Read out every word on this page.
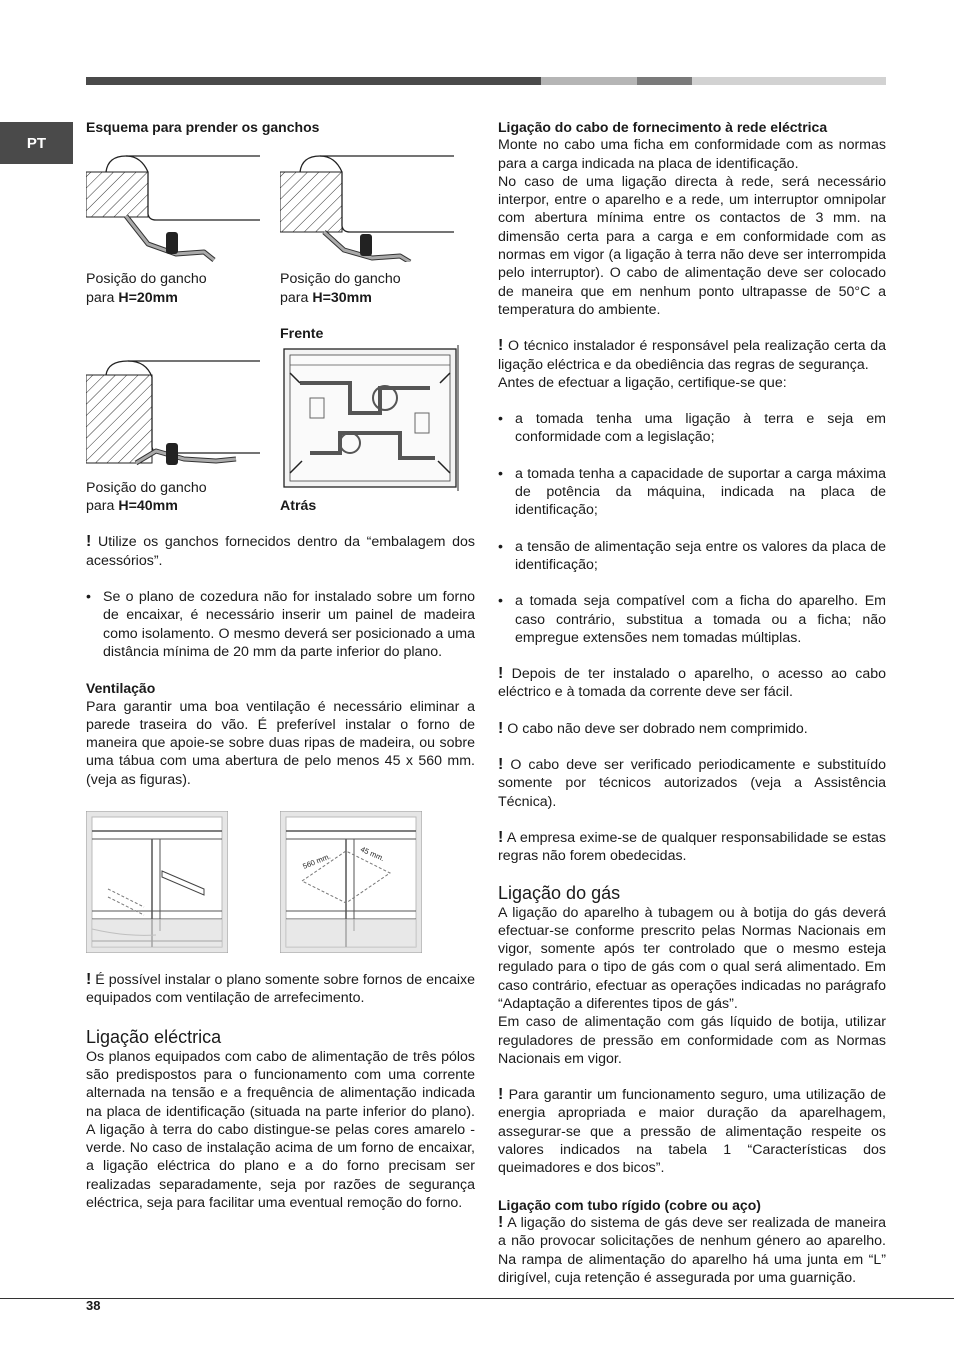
PT

Esquema para prender os ganchos

Posição do gancho
para H=20mm
Posição do gancho
para H=30mm
Posição do gancho
para H=40mm
Frente
Atrás

! Utilize os ganchos fornecidos dentro da “embalagem dos acessórios”.

• Se o plano de cozedura não for instalado sobre um forno de encaixar, é necessário inserir um painel de madeira como isolamento. O mesmo deverá ser posicionado a uma distância mínima de 20 mm da parte inferior do plano.

Ventilação

Para garantir uma boa ventilação é necessário eliminar a parede traseira do vão. É preferível instalar o forno de maneira que apoie-se sobre duas ripas de madeira, ou sobre uma tábua com uma abertura de pelo menos 45 x 560 mm. (veja as figuras).

560 mm.	45 mm.

! É possível instalar o plano somente sobre fornos de encaixe equipados com ventilação de arrefecimento.

Ligação eléctrica

Os planos equipados com cabo de alimentação de três pólos são predispostos para o funcionamento com uma corrente alternada na tensão e a frequência de alimentação indicada na placa de identificação (situada na parte inferior do plano). A ligação à terra do cabo distingue-se pelas cores amarelo - verde. No caso de instalação acima de um forno de encaixar, a ligação eléctrica do plano e a do forno precisam ser realizadas separadamente, seja por razões de segurança eléctrica, seja para facilitar uma eventual remoção do forno.

Ligação do cabo de fornecimento à rede eléctrica

Monte no cabo uma ficha em conformidade com as normas para a carga indicada na placa de identificação.

No caso de uma ligação directa à rede, será necessário interpor, entre o aparelho e a rede, um interruptor omnipolar com abertura mínima entre os contactos de 3 mm. na dimensão certa para a carga e em conformidade com as normas em vigor (a ligação à terra não deve ser interrompida pelo interruptor). O cabo de alimentação deve ser colocado de maneira que em nenhum ponto ultrapasse de 50°C a temperatura do ambiente.

! O técnico instalador é responsável pela realização certa da ligação eléctrica e da obediência das regras de segurança.

Antes de efectuar a ligação, certifique-se que:

• a tomada tenha uma ligação à terra e seja em conformidade com a legislação;
• a tomada tenha a capacidade de suportar a carga máxima de potência da máquina, indicada na placa de identificação;
• a tensão de alimentação seja entre os valores da placa de identificação;
• a tomada seja compatível com a ficha do aparelho. Em caso contrário, substitua a tomada ou a ficha; não empregue extensões nem tomadas múltiplas.

! Depois de ter instalado o aparelho, o acesso ao cabo eléctrico e à tomada da corrente deve ser fácil.

! O cabo não deve ser dobrado nem comprimido.

! O cabo deve ser verificado periodicamente e substituído somente por técnicos autorizados (veja a Assistência Técnica).

! A empresa exime-se de qualquer responsabilidade se estas regras não forem obedecidas.

Ligação do gás

A ligação do aparelho à tubagem ou à botija do gás deverá efectuar-se conforme prescrito pelas Normas Nacionais em vigor, somente após ter controlado que o mesmo esteja regulado para o tipo de gás com o qual será alimentado. Em caso contrário, efectuar as operações indicadas no parágrafo “Adaptação a diferentes tipos de gás”.

Em caso de alimentação com gás líquido de botija, utilizar reguladores de pressão em conformidade com as Normas Nacionais em vigor.

! Para garantir um funcionamento seguro, uma utilização de energia apropriada e maior duração da aparelhagem, assegurar-se que a pressão de alimentação respeite os valores indicados na tabela 1 “Características dos queimadores e dos bicos”.

Ligação com tubo rígido (cobre ou aço)

! A ligação do sistema de gás deve ser realizada de maneira a não provocar solicitações de nenhum género ao aparelho. Na rampa de alimentação do aparelho há uma junta em “L” dirigível, cuja retenção é assegurada por uma guarnição.

38
